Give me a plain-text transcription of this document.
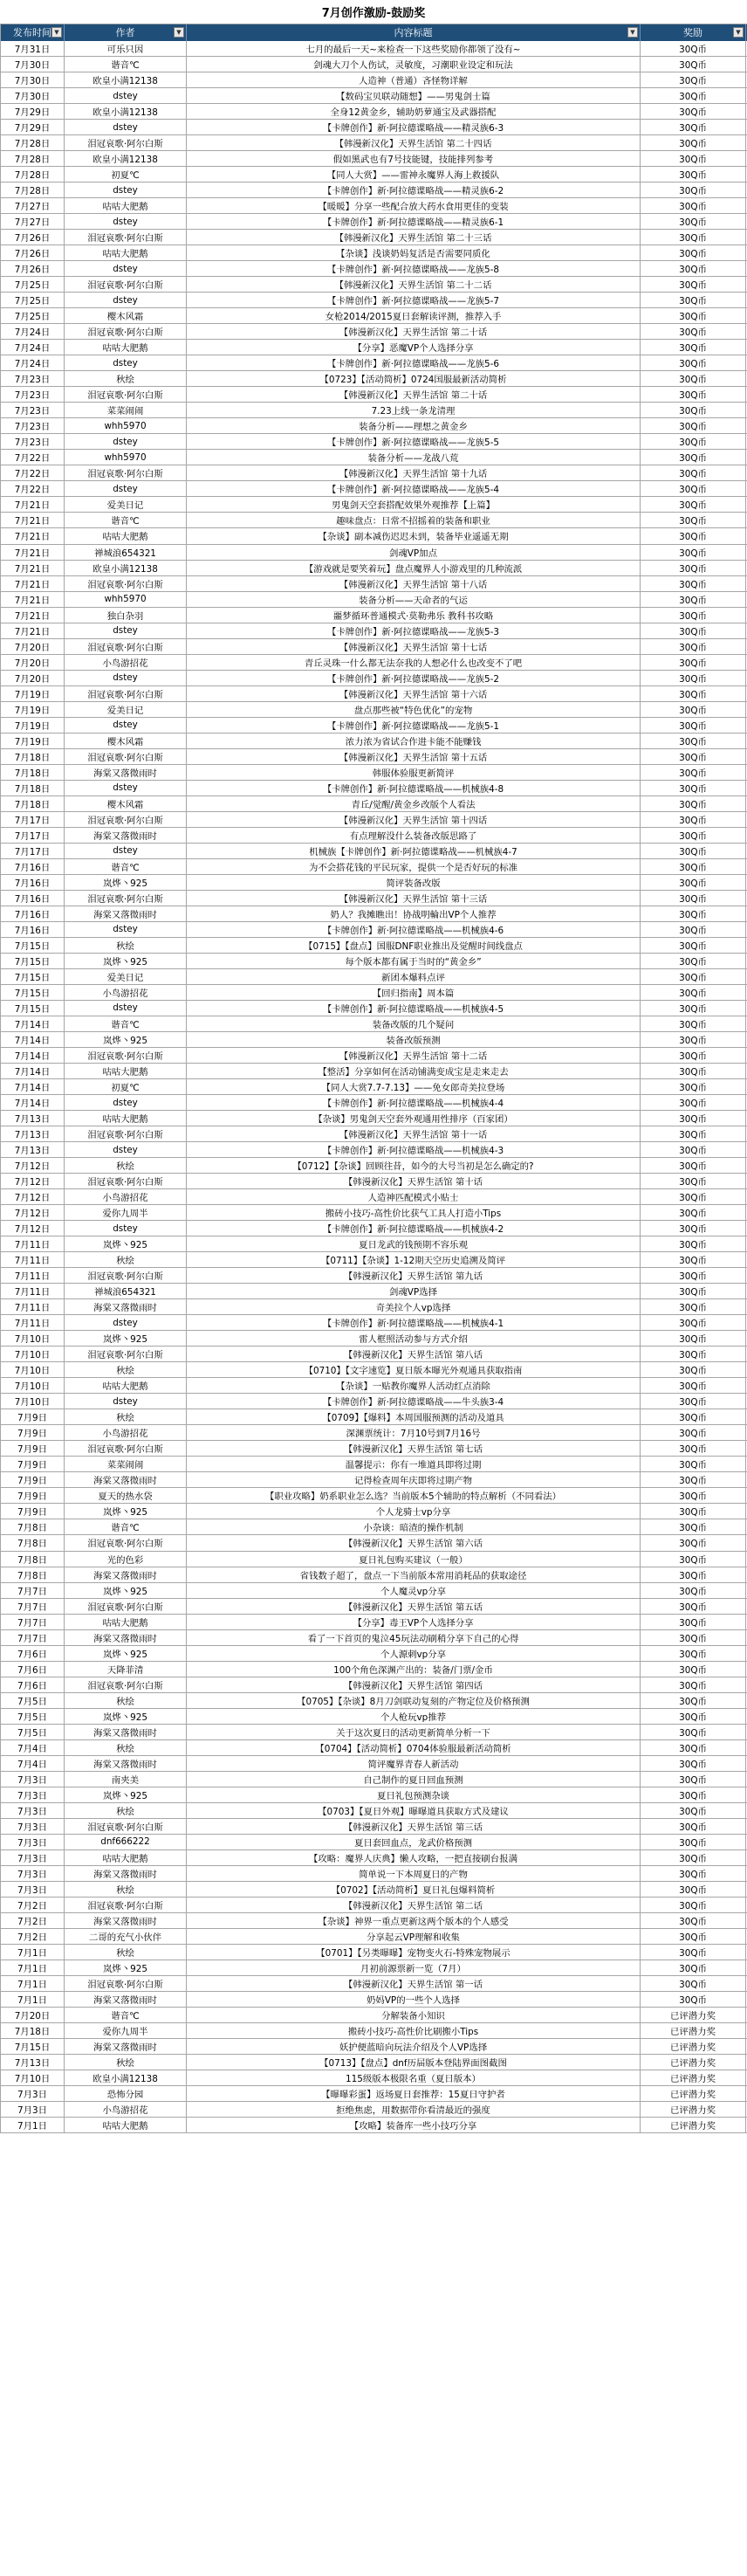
7月创作激励-鼓励奖
发布时间 ▼	作者	▼	内容标题	▼	奖励	▼
7月31日	可乐只因	七月的最后一天~来检查一下这些奖励你都领了没有~	30Q币
7月30日	谐音℃	剑魂大刀个人伤试，灵敏度，习潮职业设定和玩法	30Q币
7月30日	欧皇小满12138	人造神（普通）吝怪物详解	30Q币
7月30日	dstey	【数码宝贝联动随想】——男鬼剑士篇	30Q币
7月29日	欧皇小满12138	全身12黄金乡，辅助奶萝通宝及武器搭配	30Q币
7月29日	dstey	【卡牌创作】新·阿拉德谍略战——精灵族6-3	30Q币
7月28日	泪冠哀歌·阿尔白斯	【韩漫新汉化】天界生活馆 第二十四话	30Q币
7月28日	欧皇小满12138	假如黑武也有7号技能键，技能排列参考	30Q币
7月28日	初夏℃	【同人大赏】——雷神永魔界人海上救援队	30Q币
7月28日	dstey	【卡牌创作】新·阿拉德谍略战——精灵族6-2	30Q币
7月27日	咕咕大肥鹅	【暖暖】分享一些配合放大药水食用更佳的变装	30Q币
7月27日	dstey	【卡牌创作】新·阿拉德谍略战——精灵族6-1	30Q币
7月26日	泪冠哀歌·阿尔白斯	【韩漫新汉化】天界生活馆 第二十三话	30Q币
7月26日	咕咕大肥鹅	【杂谈】浅谈奶妈复活是否需要同质化	30Q币
7月26日	dstey	【卡牌创作】新·阿拉德谍略战——龙族5-8	30Q币
7月25日	泪冠哀歌·阿尔白斯	【韩漫新汉化】天界生活馆 第二十二话	30Q币
7月25日	dstey	【卡牌创作】新·阿拉德谍略战——龙族5-7	30Q币
7月25日	樱木风霜	女枪2014/2015夏日套解读评测，推荐入手	30Q币
7月24日	泪冠哀歌·阿尔白斯	【韩漫新汉化】天界生活馆 第二十话	30Q币
7月24日	咕咕大肥鹅	【分享】恶魔VP个人选择分享	30Q币
7月24日	dstey	【卡牌创作】新·阿拉德谍略战——龙族5-6	30Q币
7月23日	秋绘	【0723】【活动简析】0724国服最新活动简析	30Q币
7月23日	泪冠哀歌·阿尔白斯	【韩漫新汉化】天界生活馆 第二十话	30Q币
7月23日	菜菜闹闹	7.23上线一条龙清理	30Q币
7月23日	whh5970	装备分析——理想之黄金乡	30Q币
7月23日	dstey	【卡牌创作】新·阿拉德谍略战——龙族5-5	30Q币
7月22日	whh5970	装备分析——龙战八荒	30Q币
7月22日	泪冠哀歌·阿尔白斯	【韩漫新汉化】天界生活馆 第十九话	30Q币
7月22日	dstey	【卡牌创作】新·阿拉德谍略战——龙族5-4	30Q币
7月21日	爱美日记	男鬼剑天空套搭配效果外观推荐【上篇】	30Q币
7月21日	谐音℃	趣味盘点：日常不招摇着的装备和职业	30Q币
7月21日	咕咕大肥鹅	【杂谈】副本减伤迟迟未到，装备毕业遥遥无期	30Q币
7月21日	禅城浪654321	剑魂VP加点	30Q币
7月21日	欧皇小满12138	【游戏就是要笑着玩】盘点魔界人小游戏里的几种流派	30Q币
7月21日	泪冠哀歌·阿尔白斯	【韩漫新汉化】天界生活馆 第十八话	30Q币
7月21日	whh5970	装备分析——天命者的气运	30Q币
7月21日	独白杂羽	噩梦循环普通模式·莫勒弗乐 教科书攻略	30Q币
7月21日	dstey	【卡牌创作】新·阿拉德谍略战——龙族5-3	30Q币
7月20日	泪冠哀歌·阿尔白斯	【韩漫新汉化】天界生活馆 第十七话	30Q币
7月20日	小鸟游招花	青丘灵珠一什么都无法奈我的人想必什么也改变不了吧	30Q币
7月20日	dstey	【卡牌创作】新·阿拉德谍略战——龙族5-2	30Q币
7月19日	泪冠哀歌·阿尔白斯	【韩漫新汉化】天界生活馆 第十六话	30Q币
7月19日	爱美日记	盘点那些被“特色优化”的宠物	30Q币
7月19日	dstey	【卡牌创作】新·阿拉德谍略战——龙族5-1	30Q币
7月19日	樱木风霜	浓力浓为省试合作进卡能不能赚钱	30Q币
7月18日	泪冠哀歌·阿尔白斯	【韩漫新汉化】天界生活馆 第十五话	30Q币
7月18日	海棠又落微雨时	韩服体验服更新简评	30Q币
7月18日	dstey	【卡牌创作】新·阿拉德谍略战——机械族4-8	30Q币
7月18日	樱木风霜	青丘/觉醒/黄金乡改版个人看法	30Q币
7月17日	泪冠哀歌·阿尔白斯	【韩漫新汉化】天界生活馆 第十四话	30Q币
7月17日	海棠又落微雨时	有点理解没什么装备改版思路了	30Q币
7月17日	dstey	机械族【卡牌创作】新·阿拉德谍略战——机械族4-7	30Q币
7月16日	谐音℃	为不会搭花钱的平民玩家，提供一个是否好玩的标准	30Q币
7月16日	岚烨丶925	简评装备改版	30Q币
7月16日	泪冠哀歌·阿尔白斯	【韩漫新汉化】天界生活馆 第十三话	30Q币
7月16日	海棠又落微雨时	奶人？我摊瞧出！协战明輪出VP个人推荐	30Q币
7月16日	dstey	【卡牌创作】新·阿拉德谍略战——机械族4-6	30Q币
7月15日	秋绘	【0715】【盘点】国服DNF职业推出及觉醒时间线盘点	30Q币
7月15日	岚烨丶925	每个版本都有属于当时的“黄金乡”	30Q币
7月15日	爱美日记	新团本爆料点评	30Q币
7月15日	小鸟游招花	【回归指南】周本篇	30Q币
7月15日	dstey	【卡牌创作】新·阿拉德谍略战——机械族4-5	30Q币
7月14日	谐音℃	装备改版的几个疑问	30Q币
7月14日	岚烨丶925	装备改版预测	30Q币
7月14日	泪冠哀歌·阿尔白斯	【韩漫新汉化】天界生活馆 第十二话	30Q币
7月14日	咕咕大肥鹅	【整活】分享如何在活动铺满变成宝是走来走去	30Q币
7月14日	初夏℃	【同人大赏7.7-7.13】——免女郎奇美拉登场	30Q币
7月14日	dstey	【卡牌创作】新·阿拉德谍略战——机械族4-4	30Q币
7月13日	咕咕大肥鹅	【杂谈】男鬼剑天空套外观通用性排序（百家团）	30Q币
7月13日	泪冠哀歌·阿尔白斯	【韩漫新汉化】天界生活馆 第十一话	30Q币
7月13日	dstey	【卡牌创作】新·阿拉德谍略战——机械族4-3	30Q币
7月12日	秋绘	【0712】【杂谈】回顾往昔，如今的大号当初是怎么确定的?	30Q币
7月12日	泪冠哀歌·阿尔白斯	【韩漫新汉化】天界生活馆 第十话	30Q币
7月12日	小鸟游招花	人造神匹配模式小贴士	30Q币
7月12日	爱你九周半	搬砖小技巧-高性价比获气工具人打造小Tips	30Q币
7月12日	dstey	【卡牌创作】新·阿拉德谍略战——机械族4-2	30Q币
7月11日	岚烨丶925	夏日龙武的钱预期不容乐观	30Q币
7月11日	秋绘	【0711】【杂谈】1-12期天空历史追溯及简评	30Q币
7月11日	泪冠哀歌·阿尔白斯	【韩漫新汉化】天界生活馆 第九话	30Q币
7月11日	禅城浪654321	剑魂VP选择	30Q币
7月11日	海棠又落微雨时	奇美拉个人vp选择	30Q币
7月11日	dstey	【卡牌创作】新·阿拉德谍略战——机械族4-1	30Q币
7月10日	岚烨丶925	雷人框照活动参与方式介绍	30Q币
7月10日	泪冠哀歌·阿尔白斯	【韩漫新汉化】天界生活馆 第八话	30Q币
7月10日	秋绘	【0710】【文字速览】夏日版本曝光外观通具获取指南	30Q币
7月10日	咕咕大肥鹅	【杂谈】一贴教你魔界人活动红点消除	30Q币
7月10日	dstey	【卡牌创作】新·阿拉德谍略战——牛头族3-4	30Q币
7月9日	秋绘	【0709】【爆料】本周国服预测的活动及道具	30Q币
7月9日	小鸟游招花	深渊票统计：7月10号到7月16号	30Q币
7月9日	泪冠哀歌·阿尔白斯	【韩漫新汉化】天界生活馆 第七话	30Q币
7月9日	菜菜闹闹	温馨提示：你有一堆道具即将过期	30Q币
7月9日	海棠又落微雨时	记得检查周年庆即将过期产物	30Q币
7月9日	夏天的热水袋	【职业攻略】奶系职业怎么选？当前版本5个辅助的特点解析（不同看法）	30Q币
7月9日	岚烨丶925	个人龙骑士vp分享	30Q币
7月8日	谐音℃	小杂谈：暗渣的操作机制	30Q币
7月8日	泪冠哀歌·阿尔白斯	【韩漫新汉化】天界生活馆 第六话	30Q币
7月8日	光的色彩	夏日礼包购买建议（一般）	30Q币
7月8日	海棠又落微雨时	省钱数子超了，盘点一下当前版本常用消耗品的获取途径	30Q币
7月7日	岚烨丶925	个人魔灵vp分享	30Q币
7月7日	泪冠哀歌·阿尔白斯	【韩漫新汉化】天界生活馆 第五话	30Q币
7月7日	咕咕大肥鹅	【分享】毒王VP个人选择分享	30Q币
7月7日	海棠又落微雨时	看了一下首页的鬼泣45玩法动刷稍分享下自己的心得	30Q币
7月6日	岚烨丶925	个人源刺vp分享	30Q币
7月6日	天降菲清	100个角色深渊产出的：装备/门票/金币	30Q币
7月6日	泪冠哀歌·阿尔白斯	【韩漫新汉化】天界生活馆 第四话	30Q币
7月5日	秋绘	【0705】【杂谈】8月刀剑联动复刻的产物定位及价格预测	30Q币
7月5日	岚烨丶925	个人枪玩vp推荐	30Q币
7月5日	海棠又落微雨时	关于这次夏日的活动更新简单分析一下	30Q币
7月4日	秋绘	【0704】【活动简析】0704体验服最新活动简析	30Q币
7月4日	海棠又落微雨时	简评魔界青春人新活动	30Q币
7月3日	南夹美	自己制作的夏日回血预测	30Q币
7月3日	岚烨丶925	夏日礼包预测杂谈	30Q币
7月3日	秋绘	【0703】【夏日外观】曝曝道具获取方式及建议	30Q币
7月3日	泪冠哀歌·阿尔白斯	【韩漫新汉化】天界生活馆 第三话	30Q币
7月3日	dnf666222	夏日套回血点，龙武价格预测	30Q币
7月3日	咕咕大肥鹅	【攻略：魔界人庆典】懒人攻略，一把直接刷台报满	30Q币
7月3日	海棠又落微雨时	简单说一下本周夏日的产物	30Q币
7月3日	秋绘	【0702】【活动简析】夏日礼包爆料简析	30Q币
7月2日	泪冠哀歌·阿尔白斯	【韩漫新汉化】天界生活馆 第二话	30Q币
7月2日	海棠又落微雨时	【杂谈】神界一重点更新这两个版本的个人感受	30Q币
7月2日	二哥的充气小伙伴	分享起云VP理解和收集	30Q币
7月1日	秋绘	【0701】【另类曝曝】宠物变火石-特殊宠物展示	30Q币
7月1日	岚烨丶925	月初前源票新一览（7月）	30Q币
7月1日	泪冠哀歌·阿尔白斯	【韩漫新汉化】天界生活馆 第一话	30Q币
7月1日	海棠又落微雨时	奶妈VP的一些个人选择	30Q币
7月20日	谐音℃	分解装备小知识	已评潜力奖
7月18日	爱你九周半	搬砖小技巧-高性价比刷搬小Tips	已评潜力奖
7月15日	海棠又落微雨时	妖护便蓝暗向玩法介绍及个人VP选择	已评潜力奖
7月13日	秋绘	【0713】【盘点】dnf历届版本登陆界面图截图	已评潜力奖
7月10日	欧皇小满12138	115级版本极限名重（夏日版本）	已评潜力奖
7月3日	恐怖分园	【曝曝彩蛋】返场夏日套推荐：15夏日守护者	已评潜力奖
7月3日	小鸟游招花	拒绝焦虑，用数据带你看清最近的强度	已评潜力奖
7月1日	咕咕大肥鹅	【攻略】装备库一些小技巧分享	已评潜力奖
